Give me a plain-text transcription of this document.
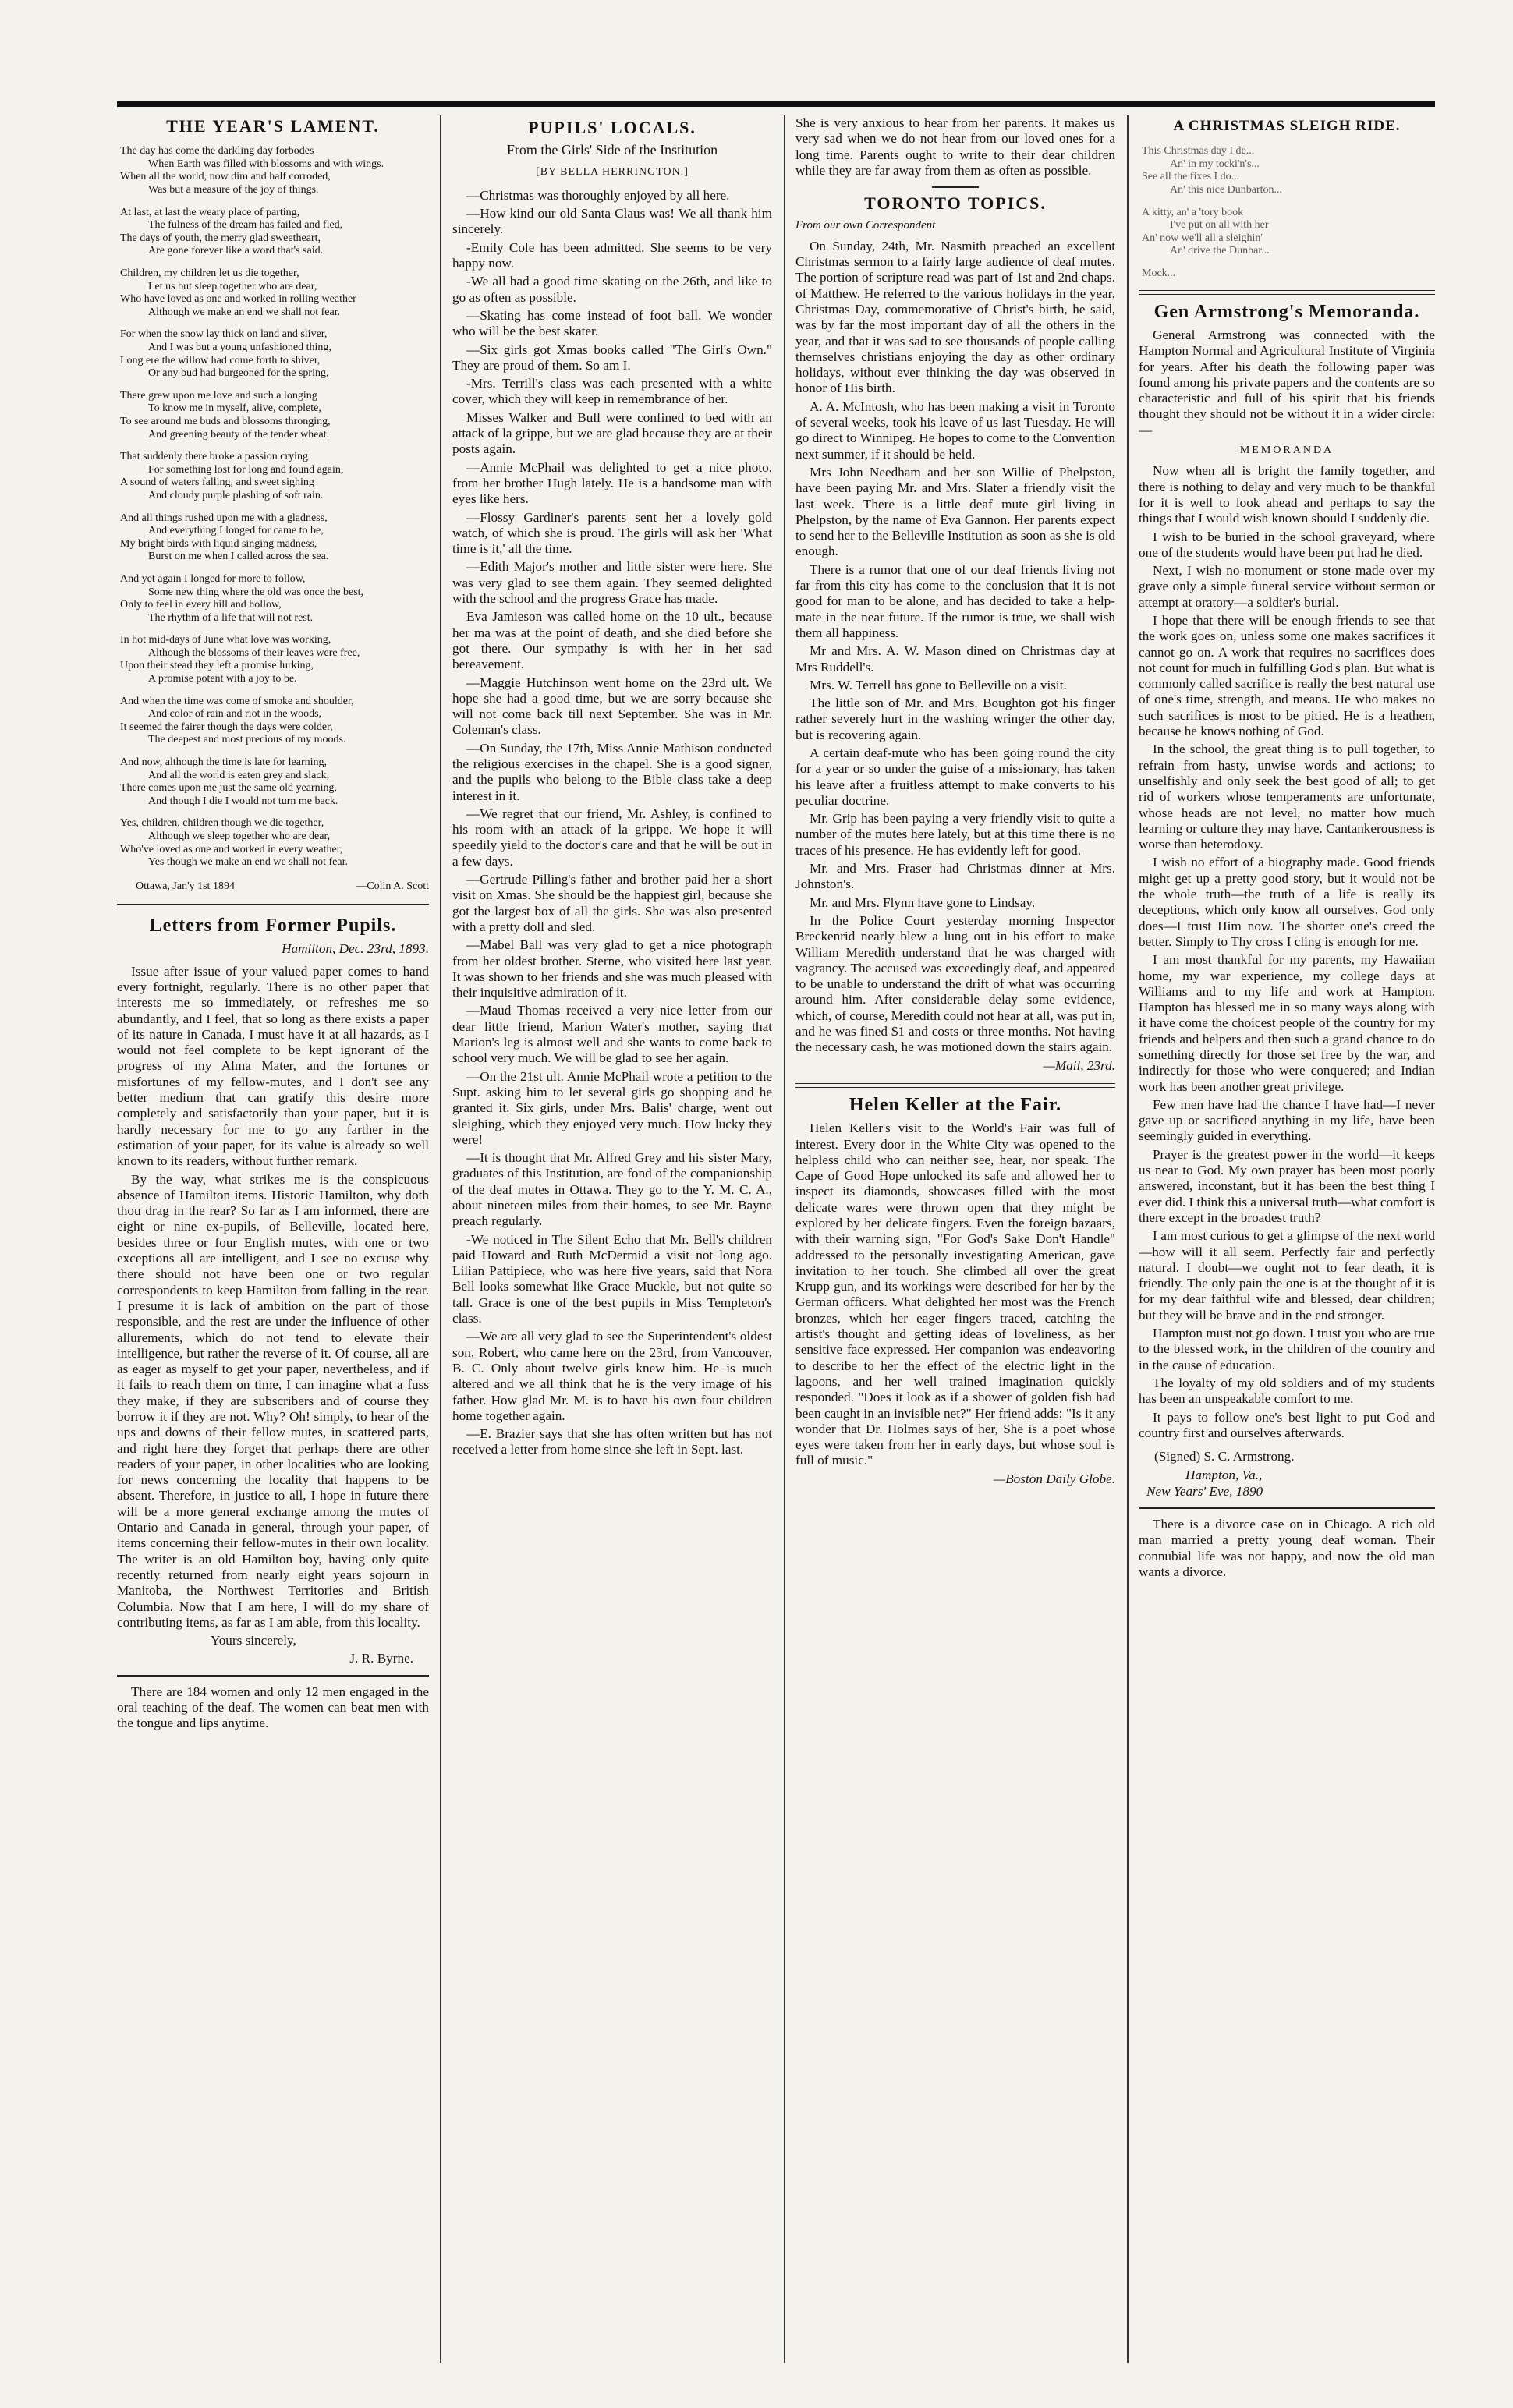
THE YEAR'S LAMENT.
The day has come the darkling day forbodes
When Earth was filled with blossoms and with wings.
When all the world, now dim and half corroded,
Was but a measure of the joy of things.
At last, at last the weary place of parting,
The fulness of the dream has failed and fled,
The days of youth, the merry glad sweetheart,
Are gone forever like a word that's said.
Children, my children let us die together,
Let us but sleep together who are dear,
Who have loved as one and worked in rolling weather
Although we make an end we shall not fear.
For when the snow lay thick on land and sliver,
And I was but a young unfashioned thing,
Long ere the willow had come forth to shiver,
Or any bud had burgeoned for the spring,
There grew upon me love and such a longing
To know me in myself, alive, complete,
To see around me buds and blossoms thronging,
And greening beauty of the tender wheat.
That suddenly there broke a passion crying
For something lost for long and found again,
A sound of waters falling, and sweet sighing
And cloudy purple plashing of soft rain.
And all things rushed upon me with a gladness,
And everything I longed for came to be,
My bright birds with liquid singing madness,
Burst on me when I called across the sea.
And yet again I longed for more to follow,
Some new thing where the old was once the best,
Only to feel in every hill and hollow,
The rhythm of a life that will not rest.
In hot mid-days of June what love was working,
Although the blossoms of their leaves were free,
Upon their stead they left a promise lurking,
A promise potent with a joy to be.
And when the time was come of smoke and shoulder,
And color of rain and riot in the woods,
It seemed the fairer though the days were colder,
The deepest and most precious of my moods.
And now, although the time is late for learning,
And all the world is eaten grey and slack,
There comes upon me just the same old yearning,
And though I die I would not turn me back.
Yes, children, children though we die together,
Although we sleep together who are dear,
Who've loved as one and worked in every weather,
Yes though we make an end we shall not fear.
Ottawa, Jan'y 1st 1894	—Colin A. Scott
Letters from Former Pupils.
Hamilton, Dec. 23rd, 1893.

Issue after issue of your valued paper comes to hand every fortnight, regularly. There is no other paper that interests me so immediately, or refreshes me so abundantly, and I feel, that so long as there exists a paper of its nature in Canada, I must have it at all hazards, as I would not feel complete to be kept ignorant of the progress of my Alma Mater, and the fortunes or misfortunes of my fellow-mutes, and I don't see any better medium that can gratify this desire more completely and satisfactorily than your paper, but it is hardly necessary for me to go any farther in the estimation of your paper, for its value is already so well known to its readers, without further remark.

By the way, what strikes me is the conspicuous absence of Hamilton items. Historic Hamilton, why doth thou drag in the rear? So far as I am informed, there are eight or nine ex-pupils, of Belleville, located here, besides three or four English mutes, with one or two exceptions all are intelligent, and I see no excuse why there should not have been one or two regular correspondents to keep Hamilton from falling in the rear. I presume it is lack of ambition on the part of those responsible, and the rest are under the influence of other allurements, which do not tend to elevate their intelligence, but rather the reverse of it. Of course, all are as eager as myself to get your paper, nevertheless, and if it fails to reach them on time, I can imagine what a fuss they make, if they are subscribers and of course they borrow it if they are not. Why? Oh! simply, to hear of the ups and downs of their fellow mutes, in scattered parts, and right here they forget that perhaps there are other readers of your paper, in other localities who are looking for news concerning the locality that happens to be absent. Therefore, in justice to all, I hope in future there will be a more general exchange among the mutes of Ontario and Canada in general, through your paper, of items concerning their fellow-mutes in their own locality. The writer is an old Hamilton boy, having only quite recently returned from nearly eight years sojourn in Manitoba, the Northwest Territories and British Columbia. Now that I am here, I will do my share of contributing items, as far as I am able, from this locality.

Yours sincerely,

J. R. Byrne.

There are 184 women and only 12 men engaged in the oral teaching of the deaf. The women can beat men with the tongue and lips anytime.

PUPILS' LOCALS.
From the Girls' Side of the Institution
[BY BELLA HERRINGTON.]

—Christmas was thoroughly enjoyed by all here.

—How kind our old Santa Claus was! We all thank him sincerely.

-Emily Cole has been admitted. She seems to be very happy now.

-We all had a good time skating on the 26th, and like to go as often as possible.

—Skating has come instead of foot ball. We wonder who will be the best skater.

—Six girls got Xmas books called "The Girl's Own." They are proud of them. So am I.

-Mrs. Terrill's class was each presented with a white cover, which they will keep in remembrance of her.

Misses Walker and Bull were confined to bed with an attack of la grippe, but we are glad because they are at their posts again.

—Annie McPhail was delighted to get a nice photo. from her brother Hugh lately. He is a handsome man with eyes like hers.

—Flossy Gardiner's parents sent her a lovely gold watch, of which she is proud. The girls will ask her 'What time is it,' all the time.

—Edith Major's mother and little sister were here. She was very glad to see them again. They seemed delighted with the school and the progress Grace has made.

Eva Jamieson was called home on the 10 ult., because her ma was at the point of death, and she died before she got there. Our sympathy is with her in her sad bereavement.

—Maggie Hutchinson went home on the 23rd ult. We hope she had a good time, but we are sorry because she will not come back till next September. She was in Mr. Coleman's class.

—On Sunday, the 17th, Miss Annie Mathison conducted the religious exercises in the chapel. She is a good signer, and the pupils who belong to the Bible class take a deep interest in it.

—We regret that our friend, Mr. Ashley, is confined to his room with an attack of la grippe. We hope it will speedily yield to the doctor's care and that he will be out in a few days.

—Gertrude Pilling's father and brother paid her a short visit on Xmas. She should be the happiest girl, because she got the largest box of all the girls. She was also presented with a pretty doll and sled.

—Mabel Ball was very glad to get a nice photograph from her oldest brother. Sterne, who visited here last year. It was shown to her friends and she was much pleased with their inquisitive admiration of it.

—Maud Thomas received a very nice letter from our dear little friend, Marion Water's mother, saying that Marion's leg is almost well and she wants to come back to school very much. We will be glad to see her again.

—On the 21st ult. Annie McPhail wrote a petition to the Supt. asking him to let several girls go shopping and he granted it. Six girls, under Mrs. Balis' charge, went out sleighing, which they enjoyed very much. How lucky they were!

—It is thought that Mr. Alfred Grey and his sister Mary, graduates of this Institution, are fond of the companionship of the deaf mutes in Ottawa. They go to the Y. M. C. A., about nineteen miles from their homes, to see Mr. Bayne preach regularly.

-We noticed in The Silent Echo that Mr. Bell's children paid Howard and Ruth McDermid a visit not long ago. Lilian Pattipiece, who was here five years, said that Nora Bell looks somewhat like Grace Muckle, but not quite so tall. Grace is one of the best pupils in Miss Templeton's class.

—We are all very glad to see the Superintendent's oldest son, Robert, who came here on the 23rd, from Vancouver, B. C. Only about twelve girls knew him. He is much altered and we all think that he is the very image of his father. How glad Mr. M. is to have his own four children home together again.

—E. Brazier says that she has often written but has not received a letter from home since she left in Sept. last.

She is very anxious to hear from her parents. It makes us very sad when we do not hear from our loved ones for a long time. Parents ought to write to their dear children while they are far away from them as often as possible.

TORONTO TOPICS.
From our own Correspondent

On Sunday, 24th, Mr. Nasmith preached an excellent Christmas sermon to a fairly large audience of deaf mutes. The portion of scripture read was part of 1st and 2nd chaps. of Matthew. He referred to the various holidays in the year, Christmas Day, commemorative of Christ's birth, he said, was by far the most important day of all the others in the year, and that it was sad to see thousands of people calling themselves christians enjoying the day as other ordinary holidays, without ever thinking the day was observed in honor of His birth.

A. A. McIntosh, who has been making a visit in Toronto of several weeks, took his leave of us last Tuesday. He will go direct to Winnipeg. He hopes to come to the Convention next summer, if it should be held.

Mrs John Needham and her son Willie of Phelpston, have been paying Mr. and Mrs. Slater a friendly visit the last week. There is a little deaf mute girl living in Phelpston, by the name of Eva Gannon. Her parents expect to send her to the Belleville Institution as soon as she is old enough.

There is a rumor that one of our deaf friends living not far from this city has come to the conclusion that it is not good for man to be alone, and has decided to take a help-mate in the near future. If the rumor is true, we shall wish them all happiness.

Mr and Mrs. A. W. Mason dined on Christmas day at Mrs Ruddell's.

Mrs. W. Terrell has gone to Belleville on a visit.

The little son of Mr. and Mrs. Boughton got his finger rather severely hurt in the washing wringer the other day, but is recovering again.

A certain deaf-mute who has been going round the city for a year or so under the guise of a missionary, has taken his leave after a fruitless attempt to make converts to his peculiar doctrine.

Mr. Grip has been paying a very friendly visit to quite a number of the mutes here lately, but at this time there is no traces of his presence. He has evidently left for good.

Mr. and Mrs. Fraser had Christmas dinner at Mrs. Johnston's.

Mr. and Mrs. Flynn have gone to Lindsay.

In the Police Court yesterday morning Inspector Breckenrid nearly blew a lung out in his effort to make William Meredith understand that he was charged with vagrancy. The accused was exceedingly deaf, and appeared to be unable to understand the drift of what was occurring around him. After considerable delay some evidence, which, of course, Meredith could not hear at all, was put in, and he was fined $1 and costs or three months. Not having the necessary cash, he was motioned down the stairs again.

—Mail, 23rd.
Helen Keller at the Fair.

Helen Keller's visit to the World's Fair was full of interest. Every door in the White City was opened to the helpless child who can neither see, hear, nor speak. The Cape of Good Hope unlocked its safe and allowed her to inspect its diamonds, showcases filled with the most delicate wares were thrown open that they might be explored by her delicate fingers. Even the foreign bazaars, with their warning sign, "For God's Sake Don't Handle" addressed to the personally investigating American, gave invitation to her touch. She climbed all over the great Krupp gun, and its workings were described for her by the German officers. What delighted her most was the French bronzes, which her eager fingers traced, catching the artist's thought and getting ideas of loveliness, as her sensitive face expressed. Her companion was endeavoring to describe to her the effect of the electric light in the lagoons, and her well trained imagination quickly responded. "Does it look as if a shower of golden fish had been caught in an invisible net?" Her friend adds: "Is it any wonder that Dr. Holmes says of her, She is a poet whose eyes were taken from her in early days, but whose soul is full of music."

—Boston Daily Globe.
A CHRISTMAS SLEIGH RIDE.
This Christmas day I de...
An' in my tocki'n's...
See all the fixes I do...
An' this nice Dunbarton...
A kitty, an' a 'tory book
I've put on all with her
An' now we'll all a sleighin'
An' drive the Dunbar...
Mock...
Gen Armstrong's Memoranda.

General Armstrong was connected with the Hampton Normal and Agricultural Institute of Virginia for years. After his death the following paper was found among his private papers and the contents are so characteristic and full of his spirit that his friends thought they should not be without it in a wider circle:—

MEMORANDA

Now when all is bright the family together, and there is nothing to delay and very much to be thankful for it is well to look ahead and perhaps to say the things that I would wish known should I suddenly die.

I wish to be buried in the school graveyard, where one of the students would have been put had he died.

Next, I wish no monument or stone made over my grave only a simple funeral service without sermon or attempt at oratory—a soldier's burial.

I hope that there will be enough friends to see that the work goes on, unless some one makes sacrifices it cannot go on. A work that requires no sacrifices does not count for much in fulfilling God's plan. But what is commonly called sacrifice is really the best natural use of one's time, strength, and means. He who makes no such sacrifices is most to be pitied. He is a heathen, because he knows nothing of God.

In the school, the great thing is to pull together, to refrain from hasty, unwise words and actions; to unselfishly and only seek the best good of all; to get rid of workers whose temperaments are unfortunate, whose heads are not level, no matter how much learning or culture they may have. Cantankerousness is worse than heterodoxy.

I wish no effort of a biography made. Good friends might get up a pretty good story, but it would not be the whole truth—the truth of a life is really its deceptions, which only know all ourselves. God only does—I trust Him now. The shorter one's creed the better. Simply to Thy cross I cling is enough for me.

I am most thankful for my parents, my Hawaiian home, my war experience, my college days at Williams and to my life and work at Hampton. Hampton has blessed me in so many ways along with it have come the choicest people of the country for my friends and helpers and then such a grand chance to do something directly for those set free by the war, and indirectly for those who were conquered; and Indian work has been another great privilege.

Few men have had the chance I have had—I never gave up or sacrificed anything in my life, have been seemingly guided in everything.

Prayer is the greatest power in the world—it keeps us near to God. My own prayer has been most poorly answered, inconstant, but it has been the best thing I ever did. I think this a universal truth—what comfort is there except in the broadest truth?

I am most curious to get a glimpse of the next world—how will it all seem. Perfectly fair and perfectly natural. I doubt—we ought not to fear death, it is friendly. The only pain the one is at the thought of it is for my dear faithful wife and blessed, dear children; but they will be brave and in the end stronger.

Hampton must not go down. I trust you who are true to the blessed work, in the children of the country and in the cause of education.

The loyalty of my old soldiers and of my students has been an unspeakable comfort to me.

It pays to follow one's best light to put God and country first and ourselves afterwards.

(Signed) S. C. Armstrong.
Hampton, Va.,
New Years' Eve, 1890

There is a divorce case on in Chicago. A rich old man married a pretty young deaf woman. Their connubial life was not happy, and now the old man wants a divorce.
